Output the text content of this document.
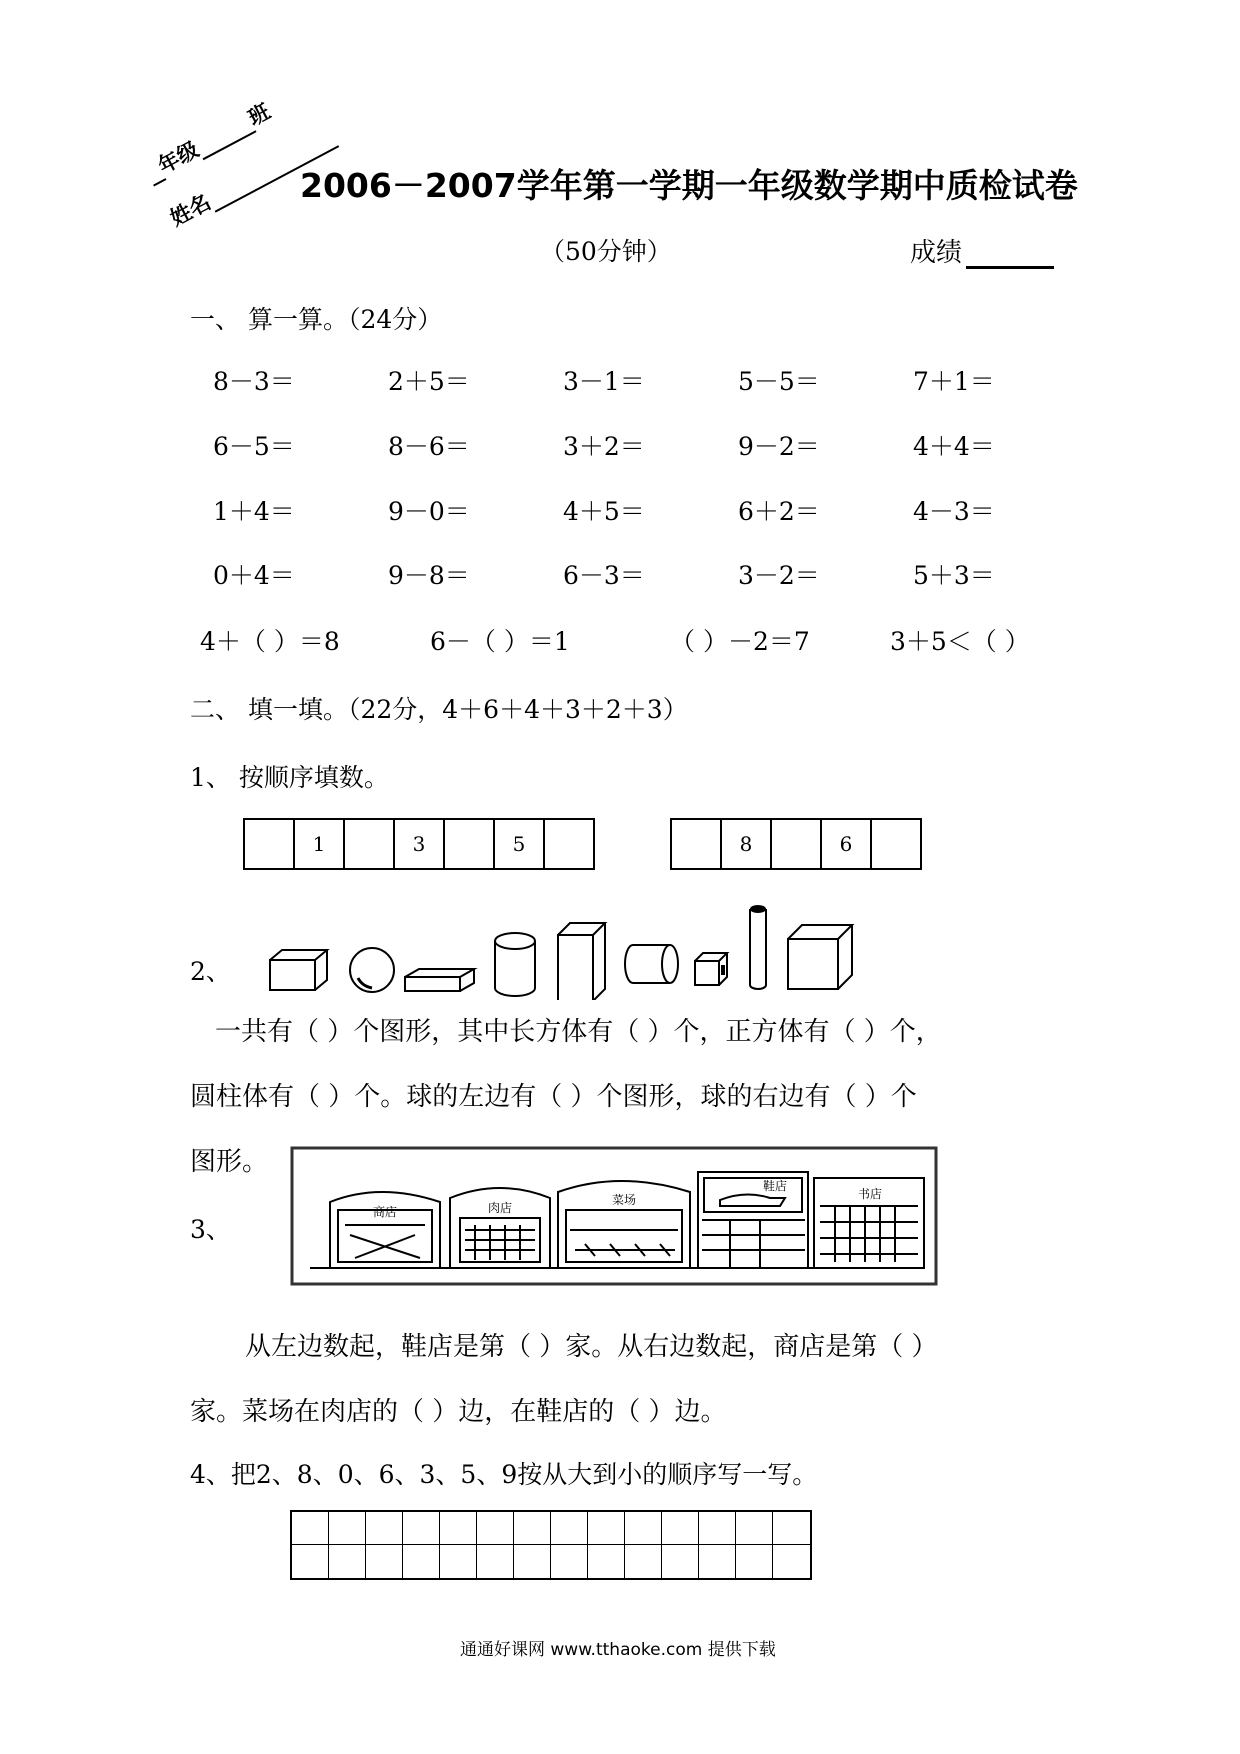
年级班
姓名
2006－2007学年第一学期一年级数学期中质检试卷
（50分钟）	成绩
一、 算一算。（24分）
8－3＝	2＋5＝	3－1＝	5－5＝	7＋1＝
6－5＝	8－6＝	3＋2＝	9－2＝	4＋4＝
1＋4＝	9－0＝	4＋5＝	6＋2＝	4－3＝
0＋4＝	9－8＝	6－3＝	3－2＝	5＋3＝
4＋（ ）＝8	6－（ ）＝1	（ ）－2＝7	3＋5＜（ ）
二、 填一填。（22分，4＋6＋4＋3＋2＋3）
1、 按顺序填数。
1	3	5	8	6
2、
一共有（ ）个图形，其中长方体有（ ）个，正方体有（ ）个，
圆柱体有（ ）个。球的左边有（ ）个图形，球的右边有（ ）个
图形。
3、
商店	肉店
菜场
鞋店
书店
从左边数起，鞋店是第（ ）家。从右边数起，商店是第（ ）
家。菜场在肉店的（ ）边，在鞋店的（ ）边。
4、把2、8、0、6、3、5、9按从大到小的顺序写一写。
通通好课网 www.tthaoke.com 提供下载
